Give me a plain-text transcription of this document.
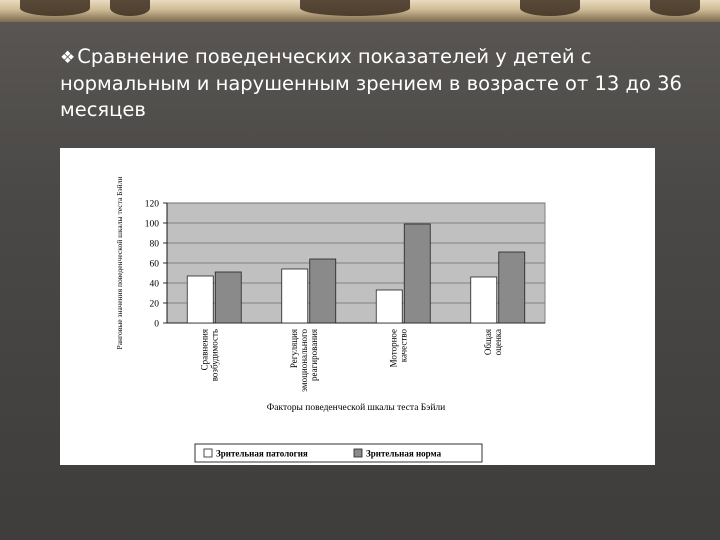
❖ Сравнение поведенческих показателей у детей с нормальным и нарушенным зрением в возрасте от 13 до 36 месяцев
0
20
40
60
80
100
120
Сравнениявозбудимость	Регуляцияэмоциональногореагирования	Моторноекачество	Общаяоценка
Факторы поведенческой шкалы теста Бэйли
Ранговые значения поведенческой шкалы теста Бэйли
Зрительная патология	Зрительная норма
